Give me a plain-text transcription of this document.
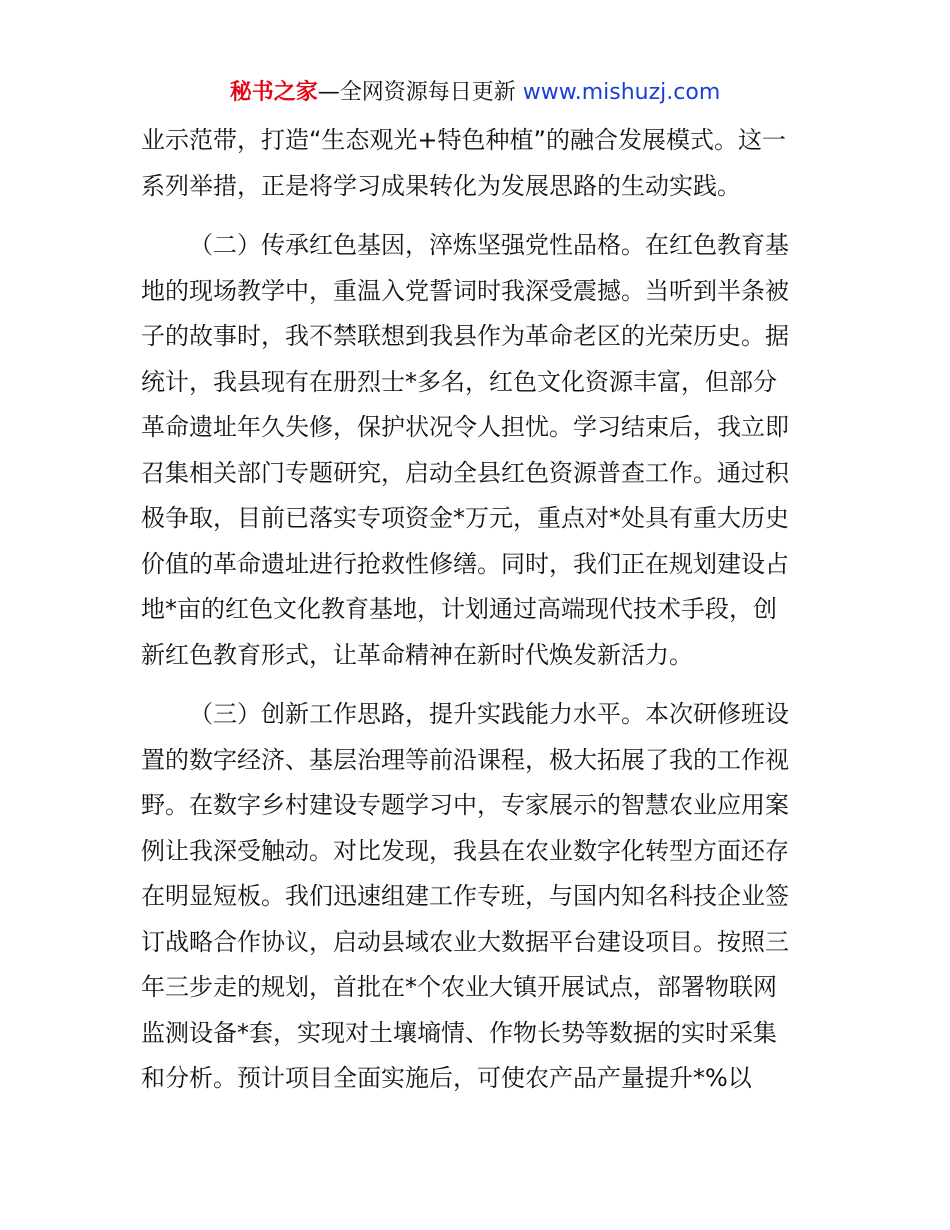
秘书之家—全网资源每日更新 www.mishuzj.com
业示范带，打造“生态观光+特色种植”的融合发展模式。这一
系列举措，正是将学习成果转化为发展思路的生动实践。
（二）传承红色基因，淬炼坚强党性品格。在红色教育基
地的现场教学中，重温入党誓词时我深受震撼。当听到半条被
子的故事时，我不禁联想到我县作为革命老区的光荣历史。据
统计，我县现有在册烈士*多名，红色文化资源丰富，但部分
革命遗址年久失修，保护状况令人担忧。学习结束后，我立即
召集相关部门专题研究，启动全县红色资源普查工作。通过积
极争取，目前已落实专项资金*万元，重点对*处具有重大历史
价值的革命遗址进行抢救性修缮。同时，我们正在规划建设占
地*亩的红色文化教育基地，计划通过高端现代技术手段，创
新红色教育形式，让革命精神在新时代焕发新活力。
（三）创新工作思路，提升实践能力水平。本次研修班设
置的数字经济、基层治理等前沿课程，极大拓展了我的工作视
野。在数字乡村建设专题学习中，专家展示的智慧农业应用案
例让我深受触动。对比发现，我县在农业数字化转型方面还存
在明显短板。我们迅速组建工作专班，与国内知名科技企业签
订战略合作协议，启动县域农业大数据平台建设项目。按照三
年三步走的规划，首批在*个农业大镇开展试点，部署物联网
监测设备*套，实现对土壤墒情、作物长势等数据的实时采集
和分析。预计项目全面实施后，可使农产品产量提升*%以
